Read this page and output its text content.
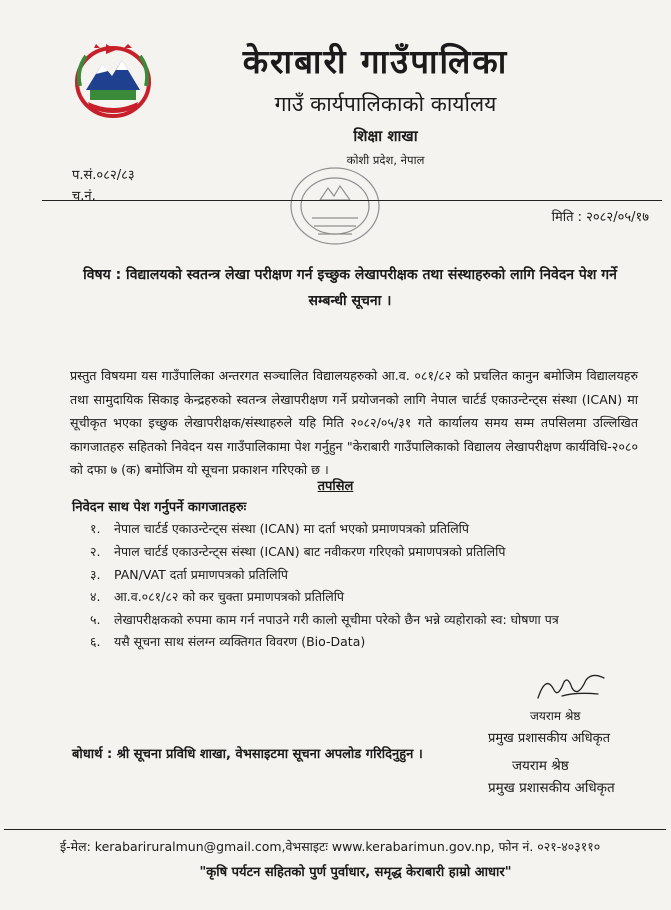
केराबारी गाउँपालिका
गाउँ कार्यपालिकाको कार्यालय
शिक्षा शाखा
कोशी प्रदेश, नेपाल
प.सं.०८२/८३
च.नं.
मिति : २०८२/०५/१७
विषय : विद्यालयको स्वतन्त्र लेखा परीक्षण गर्न इच्छुक लेखापरीक्षक तथा संस्थाहरुको लागि निवेदन पेश गर्ने सम्बन्धी सूचना ।
प्रस्तुत विषयमा यस गाउँपालिका अन्तरगत सञ्चालित विद्यालयहरुको आ.व. ०८१/८२ को प्रचलित कानुन बमोजिम विद्यालयहरु तथा सामुदायिक सिकाइ केन्द्रहरुको स्वतन्त्र लेखापरीक्षण गर्ने प्रयोजनको लागि नेपाल चार्टर्ड एकाउन्टेन्ट्स संस्था (ICAN) मा सूचीकृत भएका इच्छुक लेखापरीक्षक/संस्थाहरुले यहि मिति २०८२/०५/३१ गते कार्यालय समय सम्म तपसिलमा उल्लिखित कागजातहरु सहितको निवेदन यस गाउँपालिकामा पेश गर्नुहुन "केराबारी गाउँपालिकाको विद्यालय लेखापरीक्षण कार्यविधि-२०८० को दफा ७ (क) बमोजिम यो सूचना प्रकाशन गरिएको छ ।
तपसिल
निवेदन साथ पेश गर्नुपर्ने कागजातहरुः
१. नेपाल चार्टर्ड एकाउन्टेन्ट्स संस्था (ICAN) मा दर्ता भएको प्रमाणपत्रको प्रतिलिपि
२. नेपाल चार्टर्ड एकाउन्टेन्ट्स संस्था (ICAN) बाट नवीकरण गरिएको प्रमाणपत्रको प्रतिलिपि
३. PAN/VAT दर्ता प्रमाणपत्रको प्रतिलिपि
४. आ.व.०८१/८२ को कर चुक्ता प्रमाणपत्रको प्रतिलिपि
५. लेखापरीक्षकको रुपमा काम गर्न नपाउने गरी कालो सूचीमा परेको छैन भन्ने व्यहोराको स्व: घोषणा पत्र
६. यसै सूचना साथ संलग्न व्यक्तिगत विवरण (Bio-Data)
जयराम श्रेष्ठ
प्रमुख प्रशासकीय अधिकृत
बोधार्थ : श्री सूचना प्रविधि शाखा, वेभसाइटमा सूचना अपलोड गरिदिनुहुन ।
जयराम श्रेष्ठ
प्रमुख प्रशासकीय अधिकृत
ई-मेल: kerabariruralmun@gmail.com,वेभसाइटः www.kerabarimun.gov.np, फोन नं. ०२१-४०३११०
"कृषि पर्यटन सहितको पुर्ण पुर्वाधार, समृद्ध केराबारी हाम्रो आधार"
